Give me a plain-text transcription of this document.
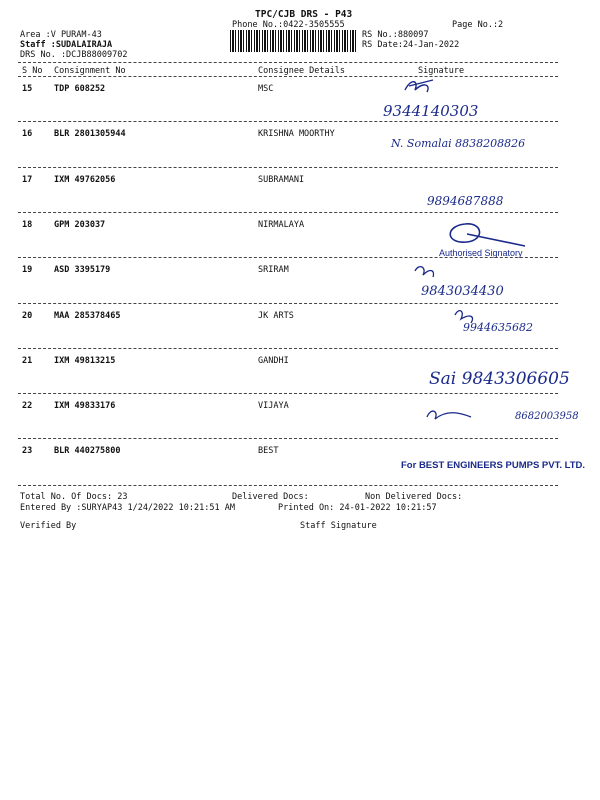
TPC/CJB DRS - P43
Phone No.:0422-3505555	Page No.:2
Area :V PURAM-43
Staff :SUDALAIRAJA
DRS No. :DCJB88009702
RS No.:880097
RS Date:24-Jan-2022
S No Consignment No	Consignee Details	Signature
15	TDP 608252	MSC
9344140303
16	BLR 2801305944	KRISHNA MOORTHY
N. Somalai 8838208826
17	IXM 49762056	SUBRAMANI
9894687888
18	GPM 203037	NIRMALAYA
Authorised Signatory
19	ASD 3395179	SRIRAM
9843034430
20	MAA 285378465	JK ARTS
9944635682
21	IXM 49813215	GANDHI
Sai 9843306605
22	IXM 49833176	VIJAYA
8682003958
23	BLR 440275800	BEST
For BEST ENGINEERS PUMPS PVT. LTD.
Total No. Of Docs: 23	Delivered Docs:	Non Delivered Docs:
Entered By :SURYAP43 1/24/2022 10:21:51 AM	Printed On: 24-01-2022 10:21:57
Verified By	Staff Signature
